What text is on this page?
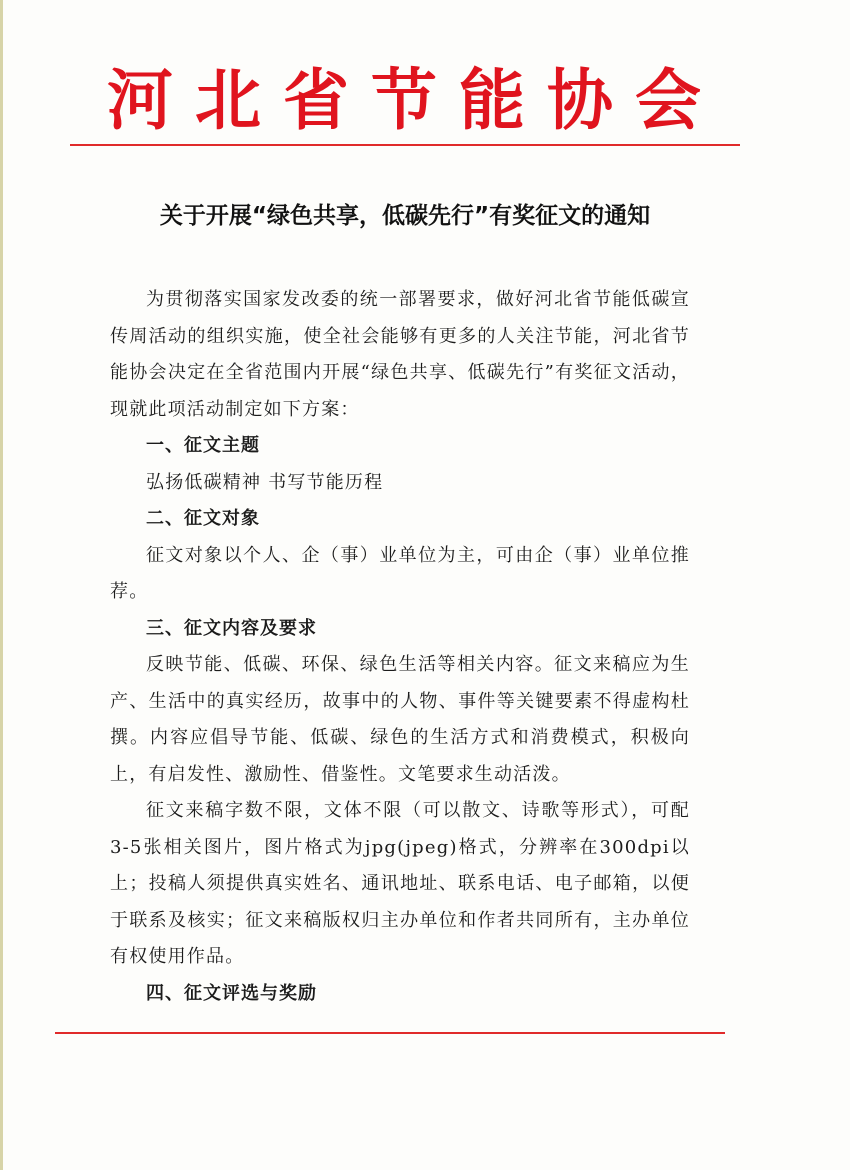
河北省节能协会
关于开展“绿色共享，低碳先行”有奖征文的通知

为贯彻落实国家发改委的统一部署要求，做好河北省节能低碳宣传周活动的组织实施，使全社会能够有更多的人关注节能，河北省节能协会决定在全省范围内开展“绿色共享、低碳先行”有奖征文活动，现就此项活动制定如下方案：

一、征文主题

弘扬低碳精神 书写节能历程

二、征文对象

征文对象以个人、企（事）业单位为主，可由企（事）业单位推荐。

三、征文内容及要求

反映节能、低碳、环保、绿色生活等相关内容。征文来稿应为生产、生活中的真实经历，故事中的人物、事件等关键要素不得虚构杜撰。内容应倡导节能、低碳、绿色的生活方式和消费模式，积极向上，有启发性、激励性、借鉴性。文笔要求生动活泼。

征文来稿字数不限，文体不限（可以散文、诗歌等形式），可配3-5张相关图片，图片格式为jpg(jpeg)格式，分辨率在300dpi以上；投稿人须提供真实姓名、通讯地址、联系电话、电子邮箱，以便于联系及核实；征文来稿版权归主办单位和作者共同所有，主办单位有权使用作品。

四、征文评选与奖励
